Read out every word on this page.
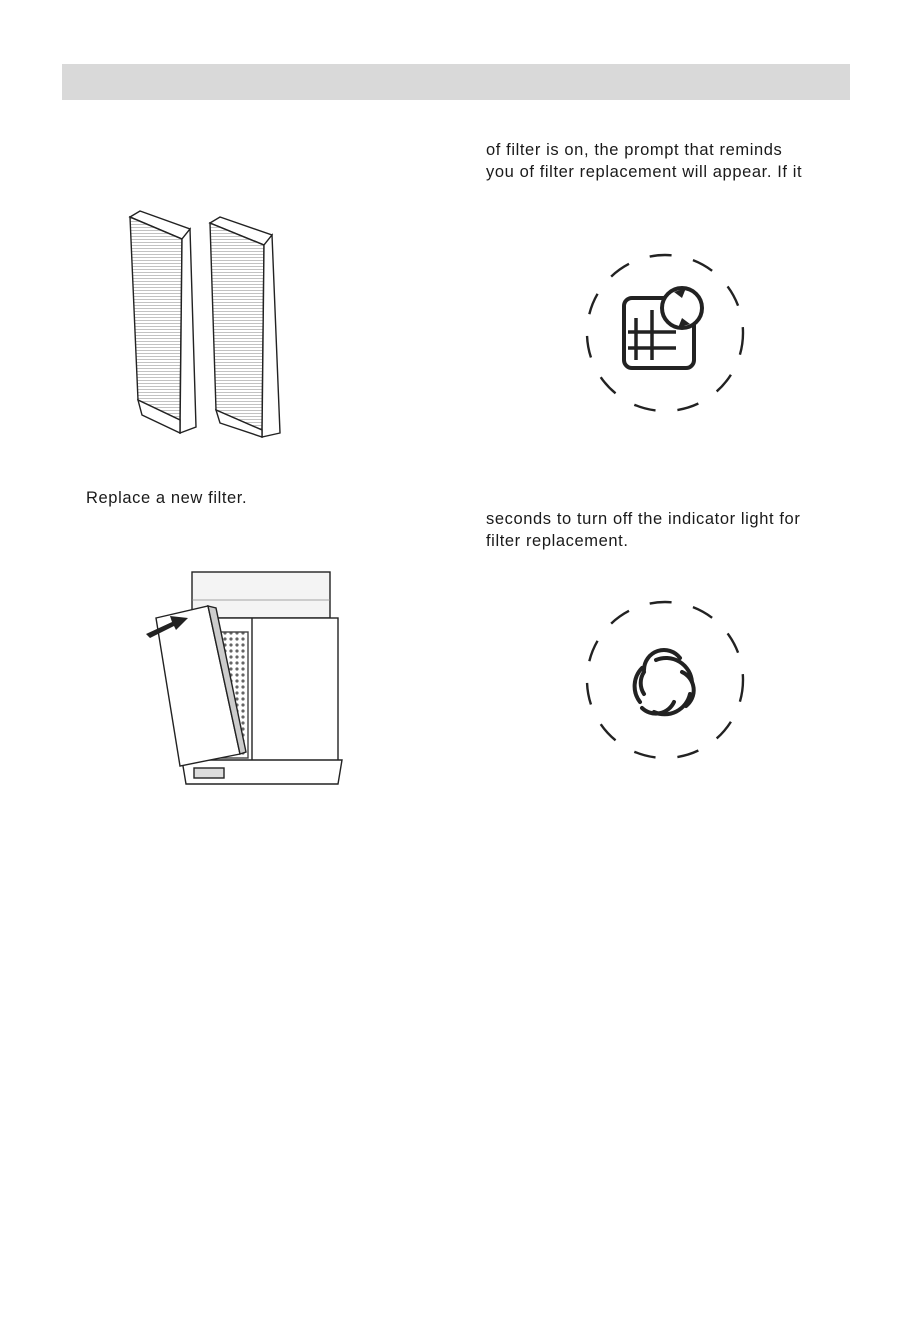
of filter is on, the prompt that reminds
you of filter replacement will appear. If it
seconds to turn off the indicator light for
filter replacement.
Replace a new filter.
